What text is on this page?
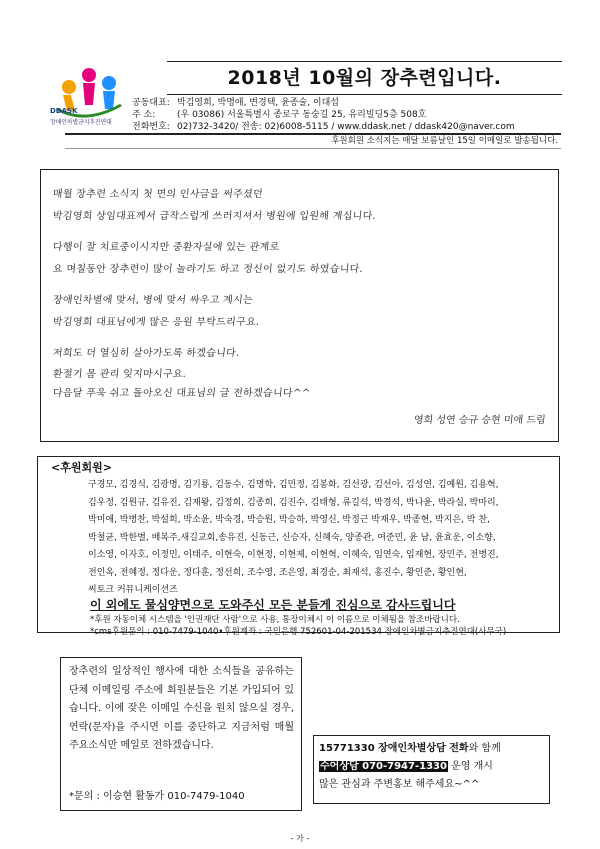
DDASK
장애인차별금지추진연대
2018년 10월의 장추련입니다.
공동대표: 박김영희, 박명애, 변경택, 윤종술, 이대섭
주 소: (우 03086) 서울특별시 종로구 동숭길 25, 유리빌딩5층 508호
전화번호: 02)732-3420/ 전송: 02)6008-5115 / www.ddask.net / ddask420@naver.com
후원회원 소식지는 매달 보름날인 15일 이메일로 발송됩니다.
매월 장추련 소식지 첫 면의 인사글을 써주셨던
박김영희 상임대표께서 급작스럽게 쓰러지셔서 병원에 입원해 계십니다.
다행이 잘 치료중이시지만 중환자실에 있는 관계로
요 며칠동안 장추련이 많이 놀라기도 하고 정신이 없기도 하였습니다.
장애인차별에 맞서, 병에 맞서 싸우고 계시는
박김영희 대표님에게 많은 응원 부탁드리구요.
저희도 더 열심히 살아가도록 하겠습니다.
환절기 몸 관리 잊지마시구요.
다음달 푸욱 쉬고 돌아오신 대표님의 글 전하겠습니다^^
영희 성연 승규 승현 미애 드림
<후원회원>
구경모, 김경식, 김광명, 김기룡, 김동수, 김명학, 김민정, 김봉화, 김선광, 김선아, 김성연, 김예원, 김용혁,
김우정, 김원규, 김유진, 김재왕, 김정희, 김종희, 김진수, 김태형, 류길석, 박경석, 박나윤, 박라실, 박마리,
박미애, 박병찬, 박설희, 박소윤, 박숙경, 박승원, 박승하, 박영신, 박정근 박재우, 박종현, 박지은, 박 찬,
박철균, 박한별, 배복주,새길교회,송유진, 신동근, 신승자, 신혜숙, 양종관, 여준민, 윤 남, 윤효운, 이소향,
이소영, 이자호, 이정민, 이태주, 이현숙, 이현정, 이현제, 이현혁, 이혜숙, 임연숙, 임재현, 장민주, 전병진,
전인옥, 전혜정, 정다운, 정다훈, 정선희, 조수영, 조은영, 최경순, 최재석, 홍진수, 황인준, 황인현,
씨토크 커뮤니케이션즈
이 외에도 물심양면으로 도와주신 모든 분들게 진심으로 감사드립니다
*후원 자동이체 시스템을 '인권재단 사람'으로 사용, 통장이체시 이 이름으로 이체됨을 참조바랍니다.
*cms후원문의 : 010-7479-1040•후원계좌 : 국민은행 752601-04-201534 장애인차별금지추진연대(사무국)
장추련의 일상적인 행사에 대한 소식들을 공유하는 단체 이메일링 주소에 회원분들은 기본 가입되어 있습니다. 이에 잦은 이메일 수신을 원치 않으실 경우, 연락(문자)을 주시면 이를 중단하고 지금처럼 매월 주요소식만 메일로 전하겠습니다.
*문의 : 이승현 활동가 010-7479-1040
15771330 장애인차별상담 전화와 함께
수어상담 070-7947-1330 운영 개시
많은 관심과 주변홍보 해주세요~^^
- 가 -
